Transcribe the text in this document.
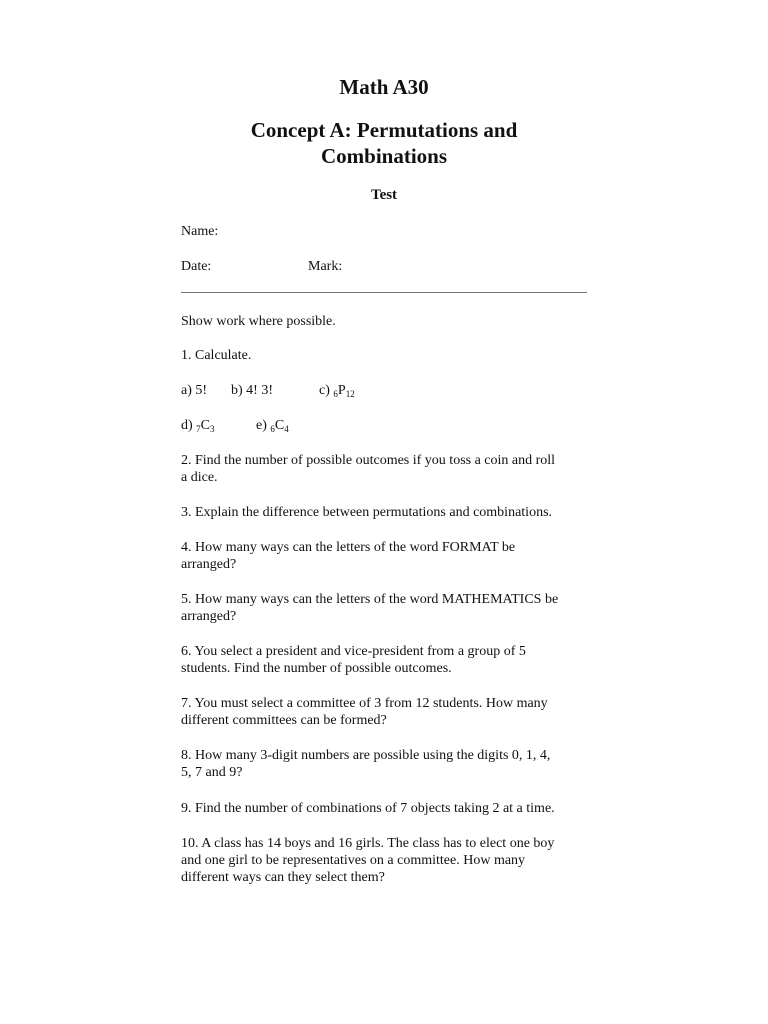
Math A30
Concept A: Permutations and
Combinations
Test

Name:

Date:	Mark:

Show work where possible.

1. Calculate.

a) 5! b) 4! 3!	c) $_6P_{12}$
d) $_7C_3$	e) $_6C_4$

2. Find the number of possible outcomes if you toss a coin and roll

a dice.

3. Explain the difference between permutations and combinations.

4. How many ways can the letters of the word FORMAT be

arranged?

5. How many ways can the letters of the word MATHEMATICS be

arranged?

6. You select a president and vice-president from a group of 5

students. Find the number of possible outcomes.

7. You must select a committee of 3 from 12 students. How many

different committees can be formed?

8. How many 3-digit numbers are possible using the digits 0, 1, 4,

5, 7 and 9?

9. Find the number of combinations of 7 objects taking 2 at a time.

10. A class has 14 boys and 16 girls. The class has to elect one boy

and one girl to be representatives on a committee. How many

different ways can they select them?
